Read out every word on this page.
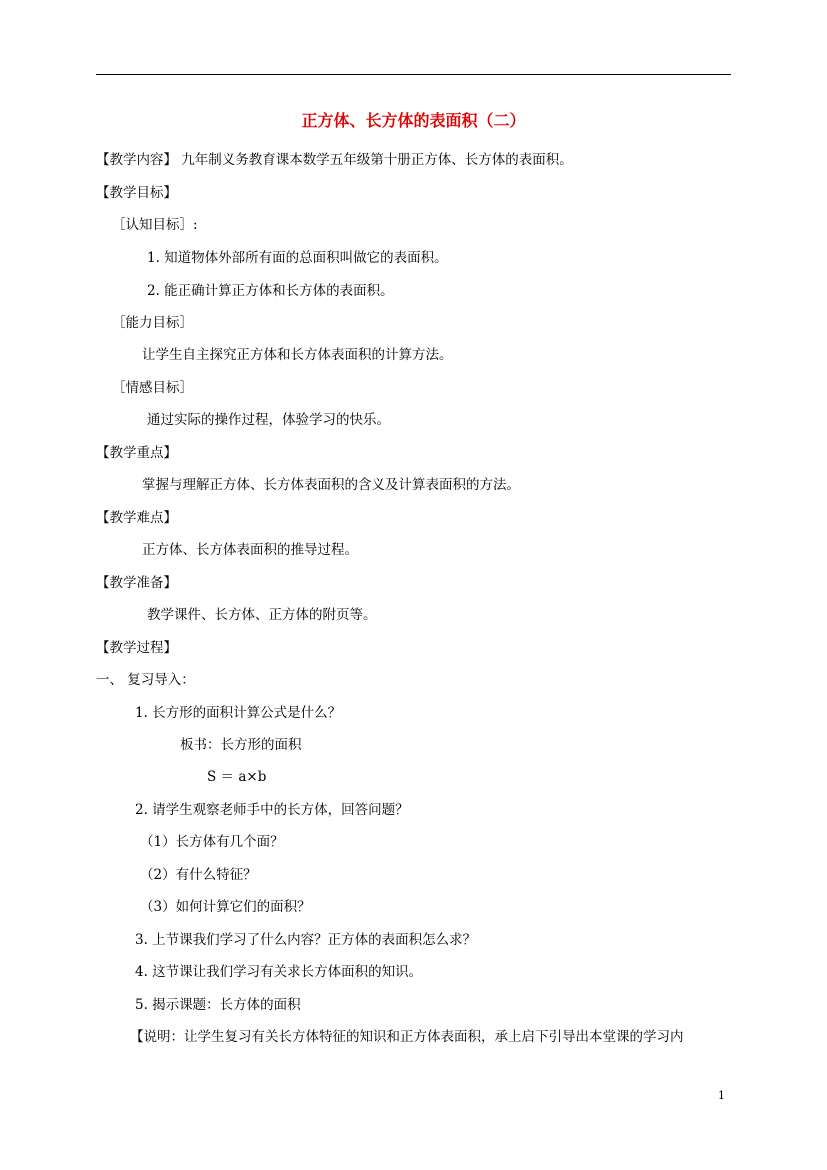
正方体、长方体的表面积（二）
【教学内容】 九年制义务教育课本数学五年级第十册正方体、长方体的表面积。
【教学目标】
［认知目标］:
1. 知道物体外部所有面的总面积叫做它的表面积。
2. 能正确计算正方体和长方体的表面积。
［能力目标］
让学生自主探究正方体和长方体表面积的计算方法。
［情感目标］
通过实际的操作过程，体验学习的快乐。
【教学重点】
掌握与理解正方体、长方体表面积的含义及计算表面积的方法。
【教学难点】
正方体、长方体表面积的推导过程。
【教学准备】
教学课件、长方体、正方体的附页等。
【教学过程】
一、 复习导入：
1. 长方形的面积计算公式是什么？
板书：长方形的面积
S ＝ a×b
2. 请学生观察老师手中的长方体，回答问题？
（1）长方体有几个面？
（2）有什么特征？
（3）如何计算它们的面积？
3. 上节课我们学习了什么内容？正方体的表面积怎么求？
4. 这节课让我们学习有关求长方体面积的知识。
5. 揭示课题：长方体的面积
【说明：让学生复习有关长方体特征的知识和正方体表面积，承上启下引导出本堂课的学习内
1
